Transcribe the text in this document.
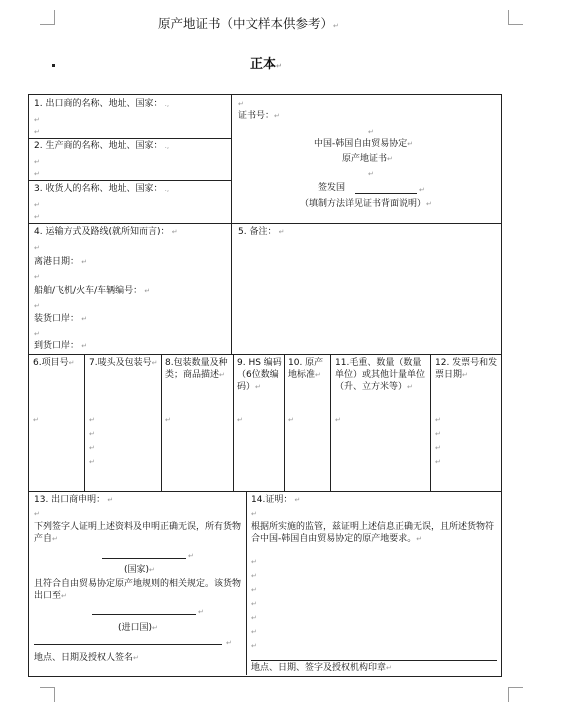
原产地证书（中文样本供参考）↵
正本↵
1. 出口商的名称、地址、国家： .,
↵
↵
2. 生产商的名称、地址、国家： .,
↵
↵
3. 收货人的名称、地址、国家： .,
↵
↵
↵
证书号：↵
↵
中国-韩国自由贸易协定↵
原产地证书↵
↵
签发国	↵
（填制方法详见证书背面说明）↵
4. 运输方式及路线(就所知而言)： ↵
↵
离港日期： ↵
↵
船舶/飞机/火车/车辆编号： ↵
↵
装货口岸： ↵
↵
到货口岸： ↵
5. 备注： ↵
6.项目号↵
↵
7.唛头及包装号↵
↵
↵
↵
↵
8.包装数量及种类；商品描述↵
↵
9. HS 编码（6位数编码）↵
↵
10. 原产地标准↵
↵
11.毛重、数量（数量单位）或其他计量单位（升、立方米等）↵
↵
12. 发票号和发票日期↵
↵
↵
↵
↵
13. 出口商申明： ↵
↵
下列签字人证明上述资料及申明正确无误，所有货物产自↵
↵
(国家)↵
且符合自由贸易协定原产地规则的相关规定。该货物出口至↵
↵
(进口国)↵
↵
地点、日期及授权人签名↵
14.证明： ↵
↵
根据所实施的监管，兹证明上述信息正确无误，且所述货物符合中国-韩国自由贸易协定的原产地要求。↵
↵
↵
↵
↵
↵
↵
↵
地点、日期、签字及授权机构印章↵
